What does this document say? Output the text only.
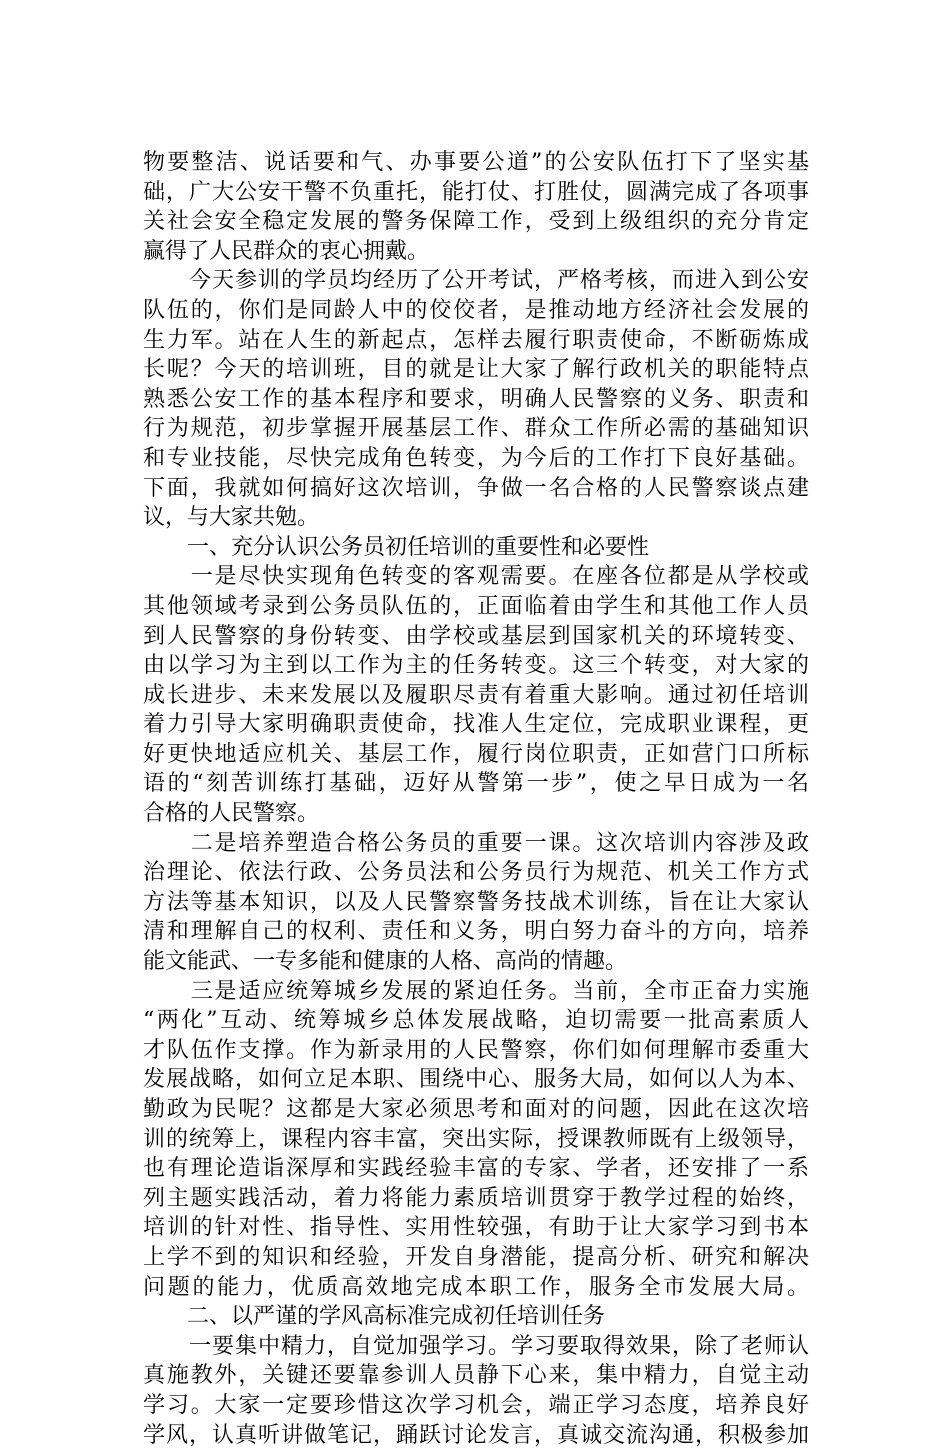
物要整洁、说话要和气、办事要公道”的公安队伍打下了坚实基
础，广大公安干警不负重托，能打仗、打胜仗，圆满完成了各项事
关社会安全稳定发展的警务保障工作，受到上级组织的充分肯定
赢得了人民群众的衷心拥戴。
　　今天参训的学员均经历了公开考试，严格考核，而进入到公安
队伍的，你们是同龄人中的佼佼者，是推动地方经济社会发展的
生力军。站在人生的新起点，怎样去履行职责使命，不断砺炼成
长呢？今天的培训班，目的就是让大家了解行政机关的职能特点
熟悉公安工作的基本程序和要求，明确人民警察的义务、职责和
行为规范，初步掌握开展基层工作、群众工作所必需的基础知识
和专业技能，尽快完成角色转变，为今后的工作打下良好基础。
下面，我就如何搞好这次培训，争做一名合格的人民警察谈点建
议，与大家共勉。
　　一、充分认识公务员初任培训的重要性和必要性
　　一是尽快实现角色转变的客观需要。在座各位都是从学校或
其他领域考录到公务员队伍的，正面临着由学生和其他工作人员
到人民警察的身份转变、由学校或基层到国家机关的环境转变、
由以学习为主到以工作为主的任务转变。这三个转变，对大家的
成长进步、未来发展以及履职尽责有着重大影响。通过初任培训
着力引导大家明确职责使命，找准人生定位，完成职业课程，更
好更快地适应机关、基层工作，履行岗位职责，正如营门口所标
语的“刻苦训练打基础，迈好从警第一步”，使之早日成为一名
合格的人民警察。
　　二是培养塑造合格公务员的重要一课。这次培训内容涉及政
治理论、依法行政、公务员法和公务员行为规范、机关工作方式
方法等基本知识，以及人民警察警务技战术训练，旨在让大家认
清和理解自己的权利、责任和义务，明白努力奋斗的方向，培养
能文能武、一专多能和健康的人格、高尚的情趣。
　　三是适应统筹城乡发展的紧迫任务。当前，全市正奋力实施
“两化”互动、统筹城乡总体发展战略，迫切需要一批高素质人
才队伍作支撑。作为新录用的人民警察，你们如何理解市委重大
发展战略，如何立足本职、围绕中心、服务大局，如何以人为本、
勤政为民呢？这都是大家必须思考和面对的问题，因此在这次培
训的统筹上，课程内容丰富，突出实际，授课教师既有上级领导，
也有理论造诣深厚和实践经验丰富的专家、学者，还安排了一系
列主题实践活动，着力将能力素质培训贯穿于教学过程的始终，
培训的针对性、指导性、实用性较强，有助于让大家学习到书本
上学不到的知识和经验，开发自身潜能，提高分析、研究和解决
问题的能力，优质高效地完成本职工作，服务全市发展大局。
　　二、以严谨的学风高标准完成初任培训任务
　　一要集中精力，自觉加强学习。学习要取得效果，除了老师认
真施教外，关键还要靠参训人员静下心来，集中精力，自觉主动
学习。大家一定要珍惜这次学习机会，端正学习态度，培养良好
学风，认真听讲做笔记，踊跃讨论发言，真诚交流沟通，积极参加
